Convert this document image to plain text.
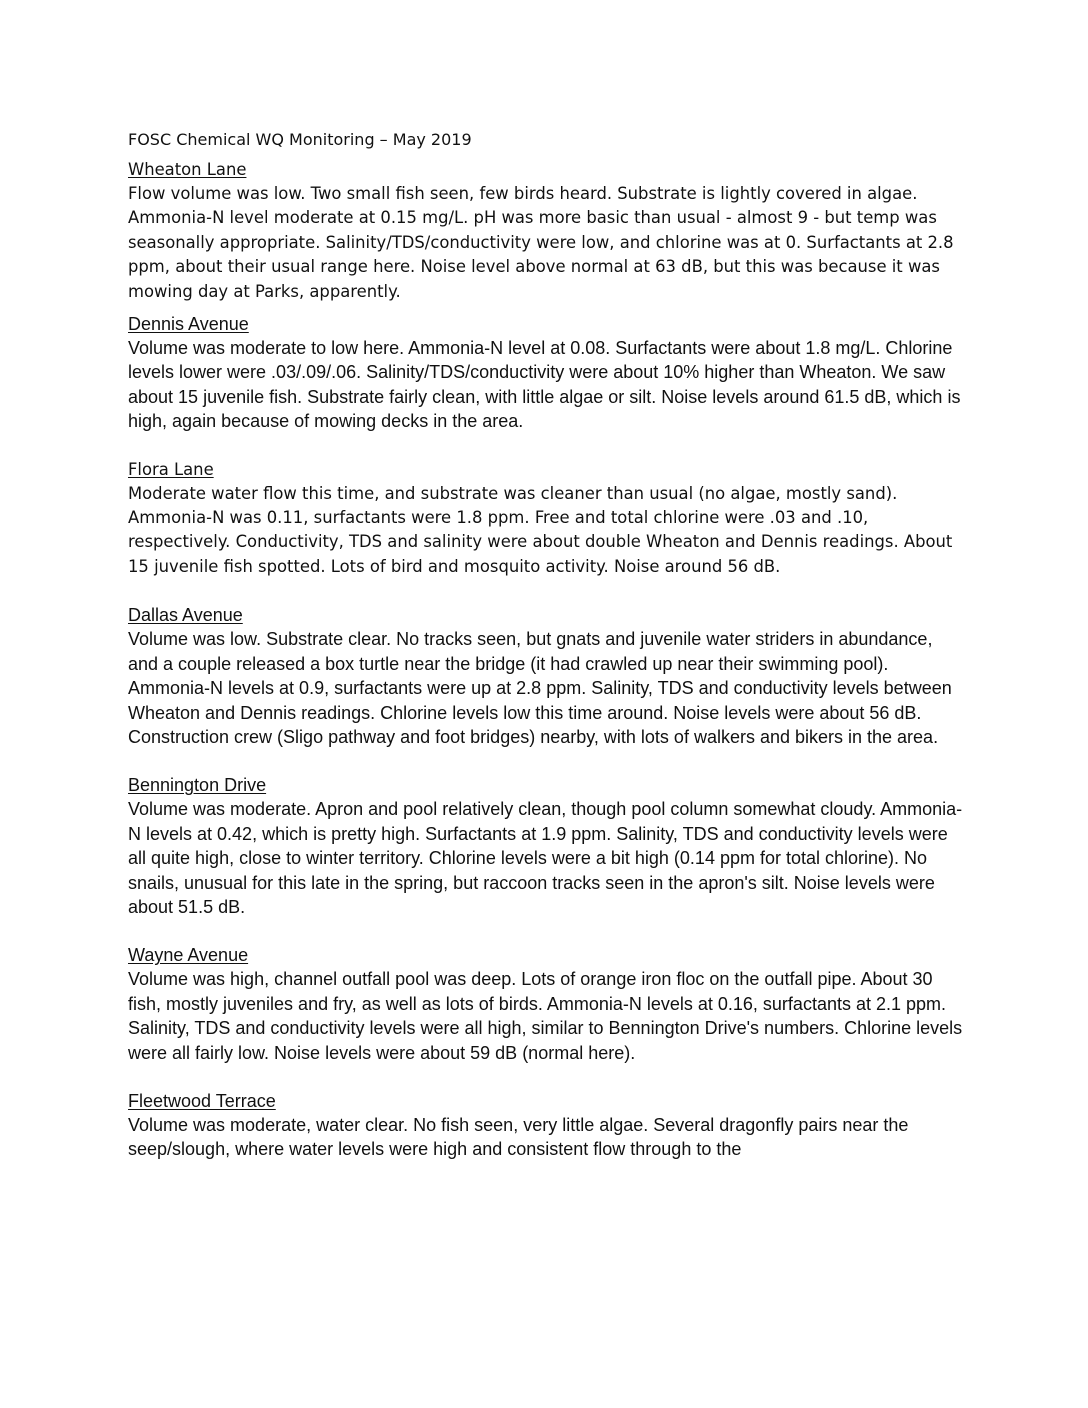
FOSC Chemical WQ Monitoring – May 2019
Wheaton Lane
Flow volume was low. Two small fish seen, few birds heard. Substrate is lightly covered in algae. Ammonia-N level moderate at 0.15 mg/L. pH was more basic than usual - almost 9 - but temp was seasonally appropriate. Salinity/TDS/conductivity were low, and chlorine was at 0. Surfactants at 2.8 ppm, about their usual range here. Noise level above normal at 63 dB, but this was because it was mowing day at Parks, apparently.
Dennis Avenue
Volume was moderate to low here. Ammonia-N level at 0.08. Surfactants were about 1.8 mg/L. Chlorine levels lower were .03/.09/.06. Salinity/TDS/conductivity were about 10% higher than Wheaton. We saw about 15 juvenile fish. Substrate fairly clean, with little algae or silt. Noise levels around 61.5 dB, which is high, again because of mowing decks in the area.
Flora Lane
Moderate water flow this time, and substrate was cleaner than usual (no algae, mostly sand). Ammonia-N was 0.11, surfactants were 1.8 ppm. Free and total chlorine were .03 and .10, respectively. Conductivity, TDS and salinity were about double Wheaton and Dennis readings. About 15 juvenile fish spotted. Lots of bird and mosquito activity. Noise around 56 dB.
Dallas Avenue
Volume was low. Substrate clear. No tracks seen, but gnats and juvenile water striders in abundance, and a couple released a box turtle near the bridge (it had crawled up near their swimming pool). Ammonia-N levels at 0.9, surfactants were up at 2.8 ppm. Salinity, TDS and conductivity levels between Wheaton and Dennis readings. Chlorine levels low this time around. Noise levels were about 56 dB. Construction crew (Sligo pathway and foot bridges) nearby, with lots of walkers and bikers in the area.
Bennington Drive
Volume was moderate. Apron and pool relatively clean, though pool column somewhat cloudy. Ammonia-N levels at 0.42, which is pretty high. Surfactants at 1.9 ppm. Salinity, TDS and conductivity levels were all quite high, close to winter territory. Chlorine levels were a bit high (0.14 ppm for total chlorine). No snails, unusual for this late in the spring, but raccoon tracks seen in the apron's silt. Noise levels were about 51.5 dB.
Wayne Avenue
Volume was high, channel outfall pool was deep. Lots of orange iron floc on the outfall pipe. About 30 fish, mostly juveniles and fry, as well as lots of birds. Ammonia-N levels at 0.16, surfactants at 2.1 ppm. Salinity, TDS and conductivity levels were all high, similar to Bennington Drive's numbers. Chlorine levels were all fairly low. Noise levels were about 59 dB (normal here).
Fleetwood Terrace
Volume was moderate, water clear. No fish seen, very little algae. Several dragonfly pairs near the seep/slough, where water levels were high and consistent flow through to the
